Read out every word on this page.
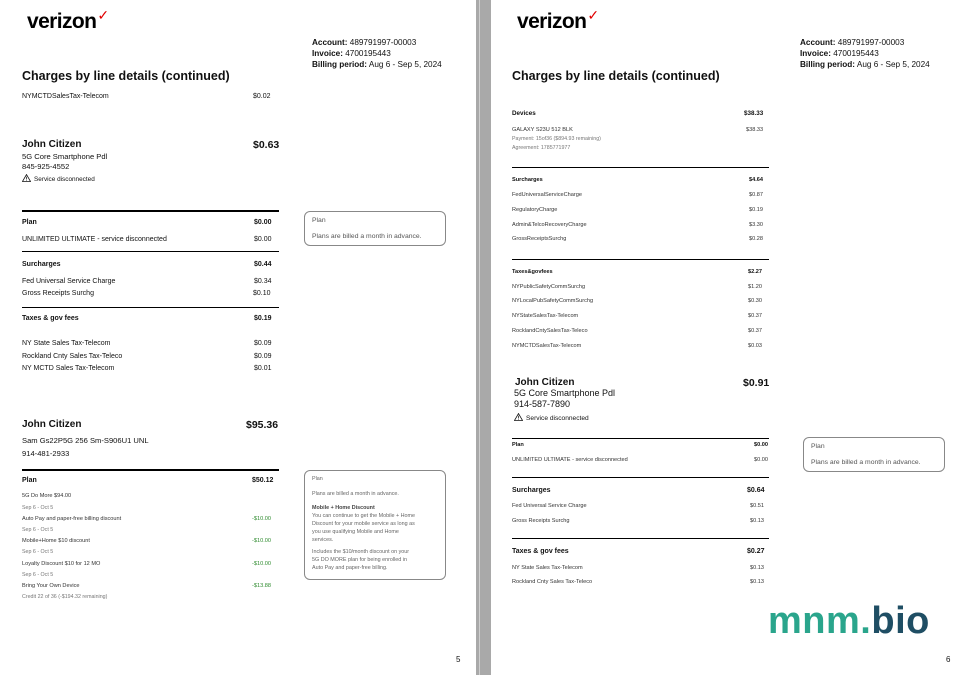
verizon✓
Account: 489791997-00003
Invoice: 4700195443
Billing period: Aug 6 - Sep 5, 2024
Charges by line details (continued)
NYMCTDSalesTax-Telecom	$0.02
John Citizen	$0.63
5G Core Smartphone Pdl
845-925-4552
Service disconnected
Plan	$0.00
UNLIMITED ULTIMATE - service disconnected	$0.00
Surcharges	$0.44
Fed Universal Service Charge	$0.34
Gross Receipts Surchg	$0.10
Taxes & gov fees	$0.19
NY State Sales Tax-Telecom	$0.09
Rockland Cnty Sales Tax-Teleco	$0.09
NY MCTD Sales Tax-Telecom	$0.01
Plan
Plans are billed a month in advance.
John Citizen	$95.36
Sam Gs22P5G 256 Sm-S906U1 UNL
914-481-2933
Plan	$50.12
5G Do More $94.00
Sep 6 - Oct 5
Auto Pay and paper-free billing discount	-$10.00
Sep 6 - Oct 5
Mobile+Home $10 discount	-$10.00
Sep 6 - Oct 5
Loyalty Discount $10 for 12 MO	-$10.00
Sep 6 - Oct 5
Bring Your Own Device	-$13.88
Credit 22 of 36 (-$194.32 remaining)
Plan
Plans are billed a month in advance.
Mobile + Home Discount
You can continue to get the Mobile + Home
Discount for your mobile service as long as
you use qualifying Mobile and Home
services.
Includes the $10/month discount on your
5G DO MORE plan for being enrolled in
Auto Pay and paper-free billing.
5
verizon✓
Account: 489791997-00003
Invoice: 4700195443
Billing period: Aug 6 - Sep 5, 2024
Charges by line details (continued)
Devices	$38.33
GALAXY S23U 512 BLK	$38.33
Payment: 15of36 ($894.93 remaining)
Agreement: 1785771977
Surcharges	$4.64
FedUniversalServiceCharge	$0.87
RegulatoryCharge	$0.19
Admin&TelcoRecoveryCharge	$3.30
GrossReceiptsSurchg	$0.28
Taxes&govfees	$2.27
NYPublicSafetyCommSurchg	$1.20
NYLocalPubSafetyCommSurchg	$0.30
NYStateSalesTax-Telecom	$0.37
RocklandCntySalesTax-Teleco	$0.37
NYMCTDSalesTax-Telecom	$0.03
John Citizen	$0.91
5G Core Smartphone Pdl
914-587-7890
Service disconnected
Plan	$0.00
UNLIMITED ULTIMATE - service disconnected	$0.00
Surcharges	$0.64
Fed Universal Service Charge	$0.51
Gross Receipts Surchg	$0.13
Taxes & gov fees	$0.27
NY State Sales Tax-Telecom	$0.13
Rockland Cnty Sales Tax-Teleco	$0.13
Plan
Plans are billed a month in advance.
mnm.bio
6
